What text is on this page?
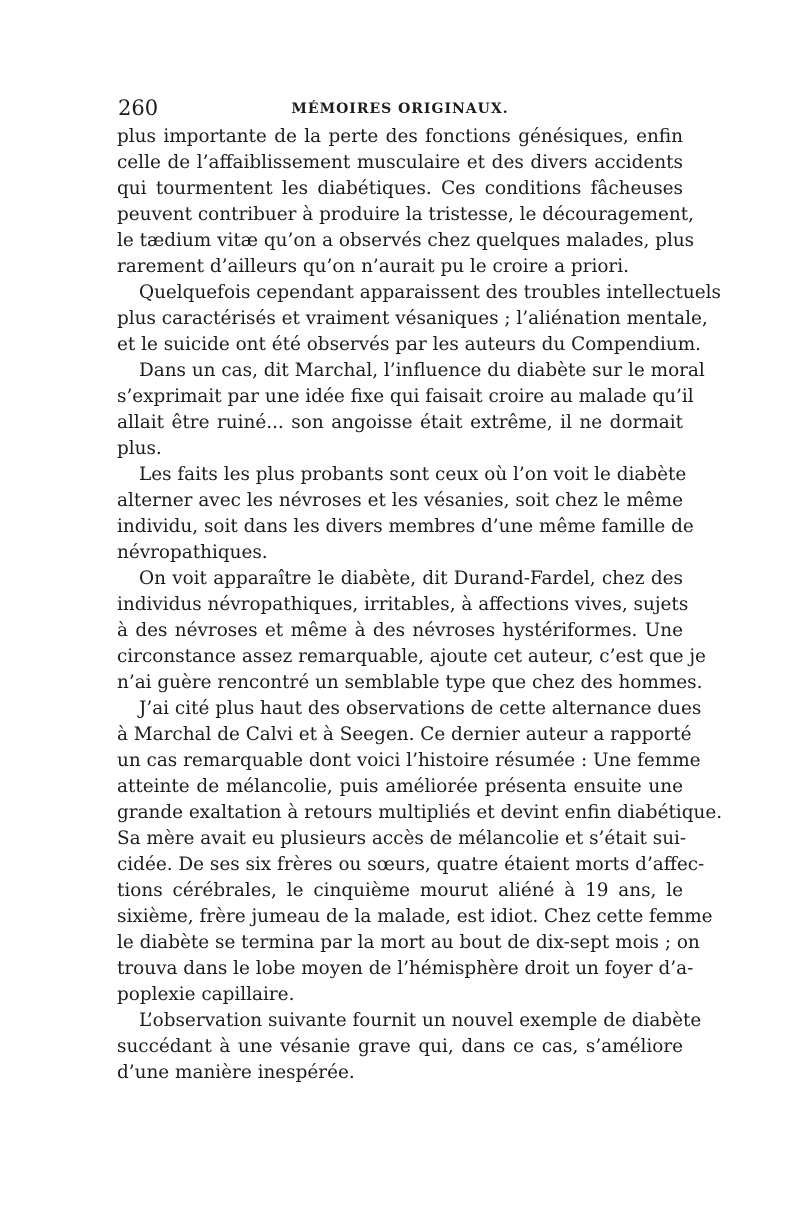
260	MÉMOIRES ORIGINAUX.
plus importante de la perte des fonctions génésiques, enfin
celle de l’affaiblissement musculaire et des divers accidents
qui tourmentent les diabétiques. Ces conditions fâcheuses
peuvent contribuer à produire la tristesse, le découragement,
le tædium vitæ qu’on a observés chez quelques malades, plus
rarement d’ailleurs qu’on n’aurait pu le croire a priori.
Quelquefois cependant apparaissent des troubles intellectuels
plus caractérisés et vraiment vésaniques ; l’aliénation mentale,
et le suicide ont été observés par les auteurs du Compendium.
Dans un cas, dit Marchal, l’influence du diabète sur le moral
s’exprimait par une idée fixe qui faisait croire au malade qu’il
allait être ruiné... son angoisse était extrême, il ne dormait
plus.
Les faits les plus probants sont ceux où l’on voit le diabète
alterner avec les névroses et les vésanies, soit chez le même
individu, soit dans les divers membres d’une même famille de
névropathiques.
On voit apparaître le diabète, dit Durand-Fardel, chez des
individus névropathiques, irritables, à affections vives, sujets
à des névroses et même à des névroses hystériformes. Une
circonstance assez remarquable, ajoute cet auteur, c’est que je
n’ai guère rencontré un semblable type que chez des hommes.
J’ai cité plus haut des observations de cette alternance dues
à Marchal de Calvi et à Seegen. Ce dernier auteur a rapporté
un cas remarquable dont voici l’histoire résumée : Une femme
atteinte de mélancolie, puis améliorée présenta ensuite une
grande exaltation à retours multipliés et devint enfin diabétique.
Sa mère avait eu plusieurs accès de mélancolie et s’était sui-
cidée. De ses six frères ou sœurs, quatre étaient morts d’affec-
tions cérébrales, le cinquième mourut aliéné à 19 ans, le
sixième, frère jumeau de la malade, est idiot. Chez cette femme
le diabète se termina par la mort au bout de dix-sept mois ; on
trouva dans le lobe moyen de l’hémisphère droit un foyer d’a-
poplexie capillaire.
L’observation suivante fournit un nouvel exemple de diabète
succédant à une vésanie grave qui, dans ce cas, s’améliore
d’une manière inespérée.
